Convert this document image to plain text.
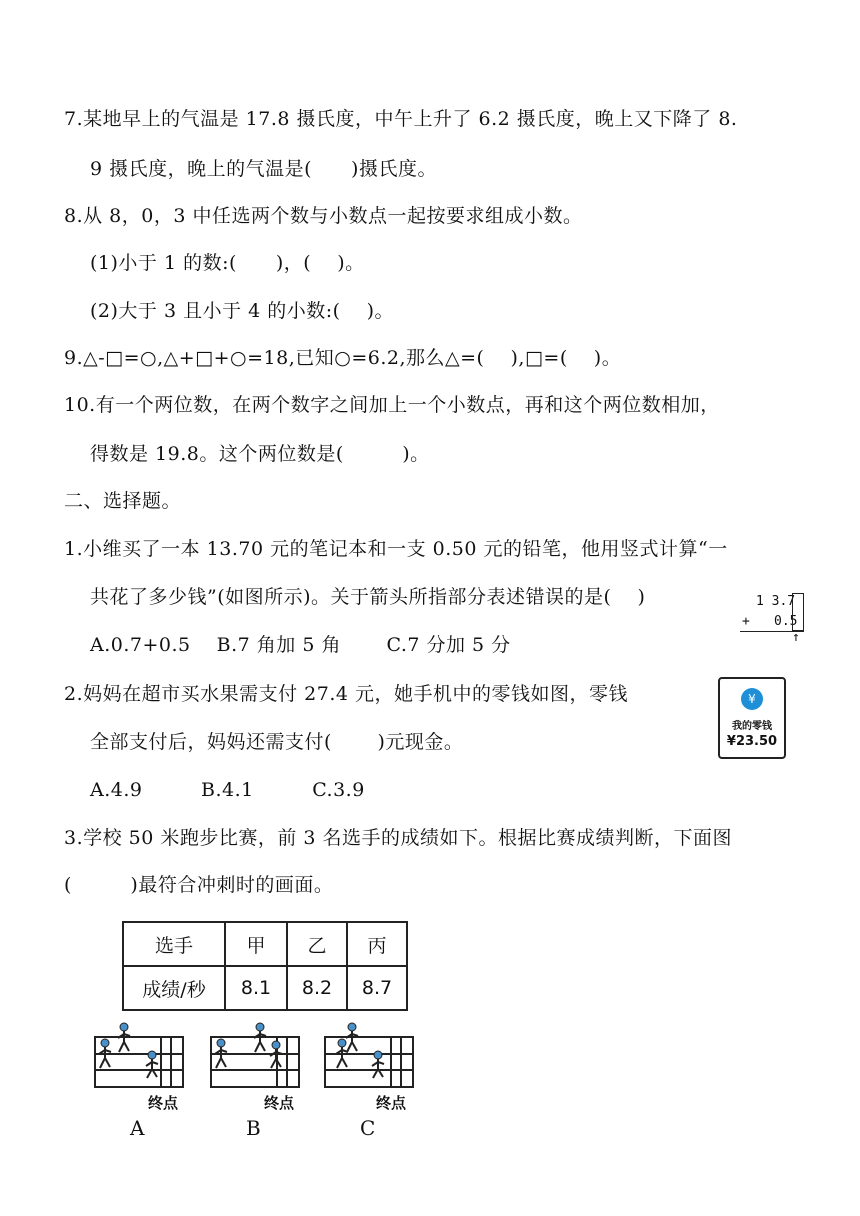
7.某地早上的气温是 17.8 摄氏度，中午上升了 6.2 摄氏度，晚上又下降了 8.
9 摄氏度，晚上的气温是(　　)摄氏度。
8.从 8，0，3 中任选两个数与小数点一起按要求组成小数。
(1)小于 1 的数:(　　)，(　 )。
(2)大于 3 且小于 4 的小数:(　 )。
9.△-□=○,△+□+○=18,已知○=6.2,那么△=(　 ),□=(　 )。
10.有一个两位数，在两个数字之间加上一个小数点，再和这个两位数相加，
得数是 19.8。这个两位数是(　　　)。
二、选择题。
1.小维买了一本 13.70 元的笔记本和一支 0.50 元的铅笔，他用竖式计算“一
共花了多少钱”(如图所示)。关于箭头所指部分表述错误的是(　 )
A.0.7+0.5　 B.7 角加 5 角　　 C.7 分加 5 分
1 3.7
+ 0.5
↑
2.妈妈在超市买水果需支付 27.4 元，她手机中的零钱如图，零钱
全部支付后，妈妈还需支付(　 　)元现金。
A.4.9　　　B.4.1　　　C.3.9
¥
我的零钱
¥23.50
3.学校 50 米跑步比赛，前 3 名选手的成绩如下。根据比赛成绩判断，下面图
(　　　)最符合冲刺时的画面。
选手	甲	乙	丙
成绩/秒	8.1	8.2	8.7
终点
A
终点
B
终点
C
